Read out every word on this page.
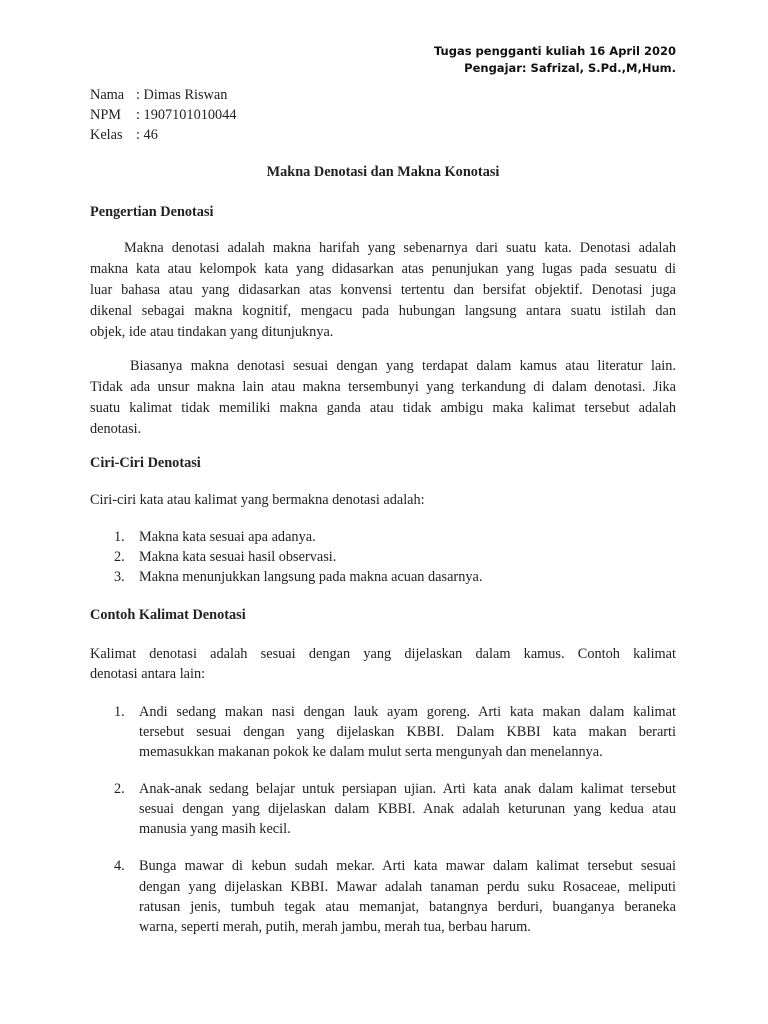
Tugas pengganti kuliah 16 April 2020
Pengajar: Safrizal, S.Pd.,M,Hum.
Nama : Dimas Riswan
NPM	: 1907101010044
Kelas : 46
Makna Denotasi dan Makna Konotasi
Pengertian Denotasi
Makna denotasi adalah makna harifah yang sebenarnya dari suatu kata. Denotasi adalah
makna kata atau kelompok kata yang didasarkan atas penunjukan yang lugas pada sesuatu di
luar bahasa atau yang didasarkan atas konvensi tertentu dan bersifat objektif. Denotasi juga
dikenal sebagai makna kognitif, mengacu pada hubungan langsung antara suatu istilah dan
objek, ide atau tindakan yang ditunjuknya.
Biasanya makna denotasi sesuai dengan yang terdapat dalam kamus atau literatur lain.
Tidak ada unsur makna lain atau makna tersembunyi yang terkandung di dalam denotasi. Jika
suatu kalimat tidak memiliki makna ganda atau tidak ambigu maka kalimat tersebut adalah
denotasi.
Ciri-Ciri Denotasi
Ciri-ciri kata atau kalimat yang bermakna denotasi adalah:
1. Makna kata sesuai apa adanya.
2. Makna kata sesuai hasil observasi.
3. Makna menunjukkan langsung pada makna acuan dasarnya.
Contoh Kalimat Denotasi
Kalimat denotasi adalah sesuai dengan yang dijelaskan dalam kamus. Contoh kalimat
denotasi antara lain:
1. Andi sedang makan nasi dengan lauk ayam goreng. Arti kata makan dalam kalimat
tersebut sesuai dengan yang dijelaskan KBBI. Dalam KBBI kata makan berarti
memasukkan makanan pokok ke dalam mulut serta mengunyah dan menelannya.
2. Anak-anak sedang belajar untuk persiapan ujian. Arti kata anak dalam kalimat tersebut
sesuai dengan yang dijelaskan dalam KBBI. Anak adalah keturunan yang kedua atau
manusia yang masih kecil.
4. Bunga mawar di kebun sudah mekar. Arti kata mawar dalam kalimat tersebut sesuai
dengan yang dijelaskan KBBI. Mawar adalah tanaman perdu suku Rosaceae, meliputi
ratusan jenis, tumbuh tegak atau memanjat, batangnya berduri, buanganya beraneka
warna, seperti merah, putih, merah jambu, merah tua, berbau harum.
